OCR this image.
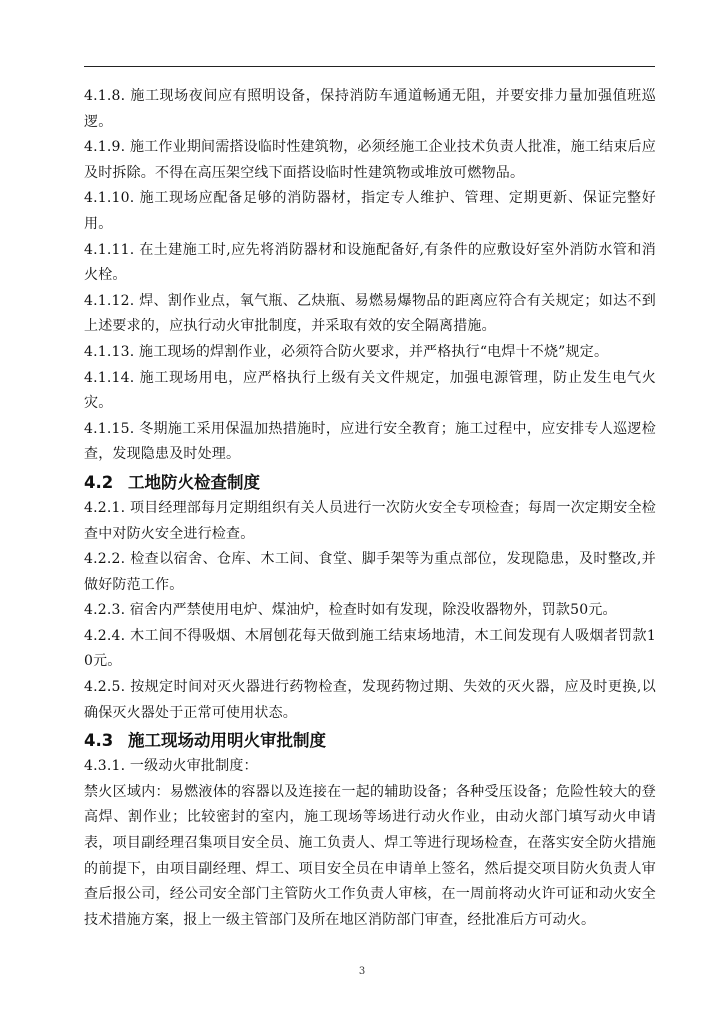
4.1.8. 施工现场夜间应有照明设备，保持消防车通道畅通无阻，并要安排力量加强值班巡逻。

4.1.9. 施工作业期间需搭设临时性建筑物，必须经施工企业技术负责人批准，施工结束后应及时拆除。不得在高压架空线下面搭设临时性建筑物或堆放可燃物品。

4.1.10. 施工现场应配备足够的消防器材，指定专人维护、管理、定期更新、保证完整好用。

4.1.11. 在土建施工时,应先将消防器材和设施配备好,有条件的应敷设好室外消防水管和消火栓。

4.1.12. 焊、割作业点，氧气瓶、乙炔瓶、易燃易爆物品的距离应符合有关规定；如达不到上述要求的，应执行动火审批制度，并采取有效的安全隔离措施。

4.1.13. 施工现场的焊割作业，必须符合防火要求，并严格执行“电焊十不烧”规定。

4.1.14. 施工现场用电，应严格执行上级有关文件规定，加强电源管理，防止发生电气火灾。

4.1.15. 冬期施工采用保温加热措施时，应进行安全教育；施工过程中，应安排专人巡逻检查，发现隐患及时处理。

4.2 工地防火检查制度

4.2.1. 项目经理部每月定期组织有关人员进行一次防火安全专项检查；每周一次定期安全检查中对防火安全进行检查。

4.2.2. 检查以宿舍、仓库、木工间、食堂、脚手架等为重点部位，发现隐患，及时整改,并做好防范工作。

4.2.3. 宿舍内严禁使用电炉、煤油炉，检查时如有发现，除没收器物外，罚款50元。

4.2.4. 木工间不得吸烟、木屑刨花每天做到施工结束场地清，木工间发现有人吸烟者罚款10元。

4.2.5. 按规定时间对灭火器进行药物检查，发现药物过期、失效的灭火器，应及时更换,以确保灭火器处于正常可使用状态。

4.3 施工现场动用明火审批制度

4.3.1. 一级动火审批制度：

禁火区域内：易燃液体的容器以及连接在一起的辅助设备；各种受压设备；危险性较大的登高焊、割作业；比较密封的室内，施工现场等场进行动火作业，由动火部门填写动火申请表，项目副经理召集项目安全员、施工负责人、焊工等进行现场检查，在落实安全防火措施的前提下，由项目副经理、焊工、项目安全员在申请单上签名，然后提交项目防火负责人审查后报公司，经公司安全部门主管防火工作负责人审核，在一周前将动火许可证和动火安全技术措施方案，报上一级主管部门及所在地区消防部门审查，经批准后方可动火。

3
